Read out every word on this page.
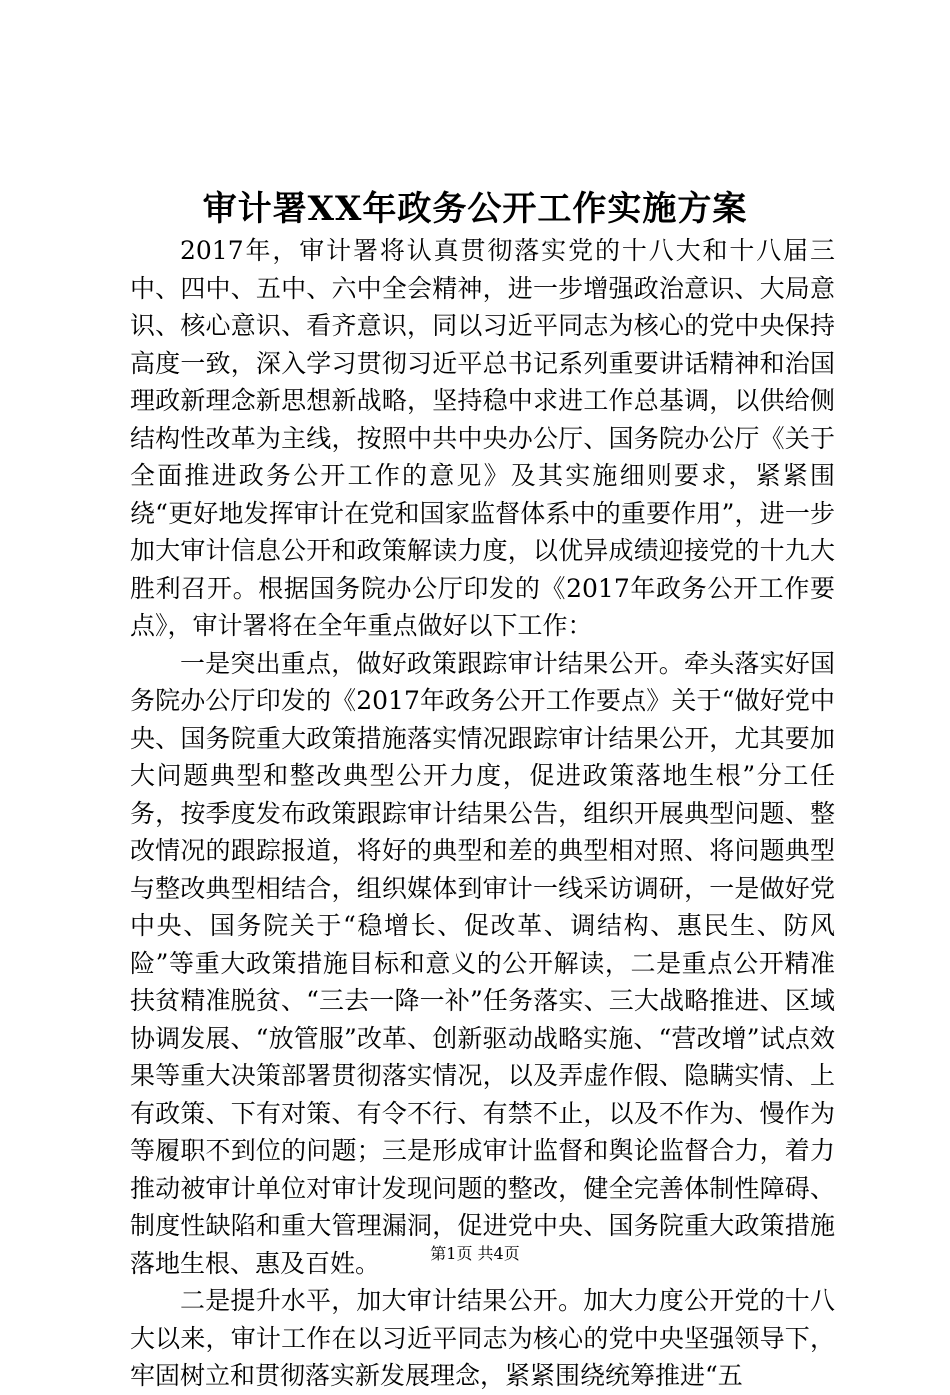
审计署XX年政务公开工作实施方案

2017年，审计署将认真贯彻落实党的十八大和十八届三中、四中、五中、六中全会精神，进一步增强政治意识、大局意识、核心意识、看齐意识，同以习近平同志为核心的党中央保持高度一致，深入学习贯彻习近平总书记系列重要讲话精神和治国理政新理念新思想新战略，坚持稳中求进工作总基调，以供给侧结构性改革为主线，按照中共中央办公厅、国务院办公厅《关于全面推进政务公开工作的意见》及其实施细则要求，紧紧围绕“更好地发挥审计在党和国家监督体系中的重要作用”，进一步加大审计信息公开和政策解读力度，以优异成绩迎接党的十九大胜利召开。根据国务院办公厅印发的《2017年政务公开工作要点》，审计署将在全年重点做好以下工作：

一是突出重点，做好政策跟踪审计结果公开。牵头落实好国务院办公厅印发的《2017年政务公开工作要点》关于“做好党中央、国务院重大政策措施落实情况跟踪审计结果公开，尤其要加大问题典型和整改典型公开力度，促进政策落地生根”分工任务，按季度发布政策跟踪审计结果公告，组织开展典型问题、整改情况的跟踪报道，将好的典型和差的典型相对照、将问题典型与整改典型相结合，组织媒体到审计一线采访调研，一是做好党中央、国务院关于“稳增长、促改革、调结构、惠民生、防风险”等重大政策措施目标和意义的公开解读，二是重点公开精准扶贫精准脱贫、“三去一降一补”任务落实、三大战略推进、区域协调发展、“放管服”改革、创新驱动战略实施、“营改增”试点效果等重大决策部署贯彻落实情况，以及弄虚作假、隐瞒实情、上有政策、下有对策、有令不行、有禁不止，以及不作为、慢作为等履职不到位的问题；三是形成审计监督和舆论监督合力，着力推动被审计单位对审计发现问题的整改，健全完善体制性障碍、制度性缺陷和重大管理漏洞，促进党中央、国务院重大政策措施落地生根、惠及百姓。

二是提升水平，加大审计结果公开。加大力度公开党的十八大以来，审计工作在以习近平同志为核心的党中央坚强领导下，牢固树立和贯彻落实新发展理念，紧紧围绕统筹推进“五

第1页 共4页
